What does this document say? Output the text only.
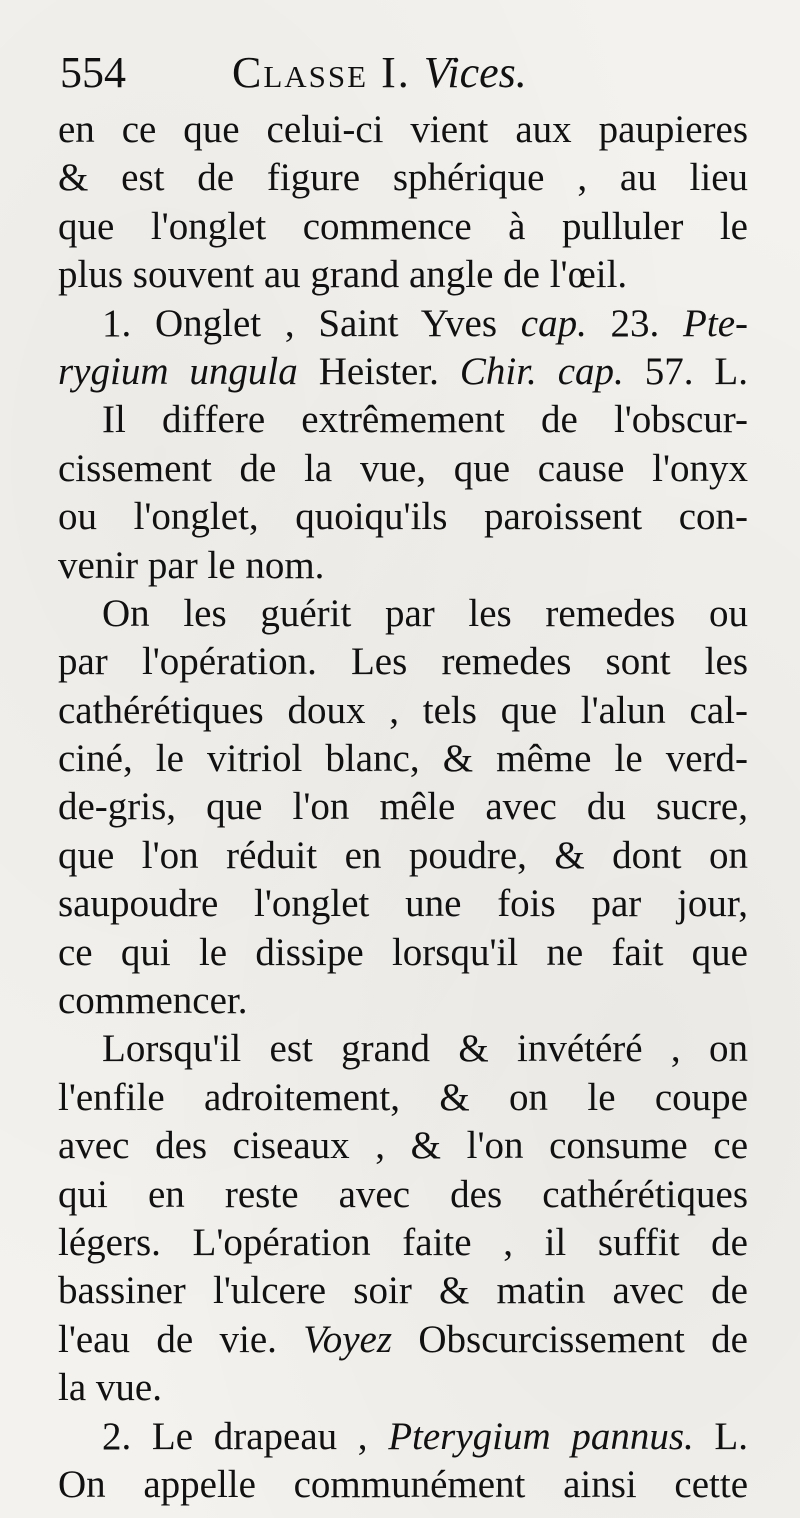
554 Classe I. Vices.
en ce que celui-ci vient aux paupieres
& est de figure sphérique , au lieu
que l'onglet commence à pulluler le
plus souvent au grand angle de l'œil.
1. Onglet , Saint Yves cap. 23. Pte-
rygium ungula Heister. Chir. cap. 57. L.
Il differe extrêmement de l'obscur-
cissement de la vue, que cause l'onyx
ou l'onglet, quoiqu'ils paroissent con-
venir par le nom.
On les guérit par les remedes ou
par l'opération. Les remedes sont les
cathérétiques doux , tels que l'alun cal-
ciné, le vitriol blanc, & même le verd-
de-gris, que l'on mêle avec du sucre,
que l'on réduit en poudre, & dont on
saupoudre l'onglet une fois par jour,
ce qui le dissipe lorsqu'il ne fait que
commencer.
Lorsqu'il est grand & invétéré , on
l'enfile adroitement, & on le coupe
avec des ciseaux , & l'on consume ce
qui en reste avec des cathérétiques
légers. L'opération faite , il suffit de
bassiner l'ulcere soir & matin avec de
l'eau de vie. Voyez Obscurcissement de
la vue.
2. Le drapeau , Pterygium pannus. L.
On appelle communément ainsi cette
